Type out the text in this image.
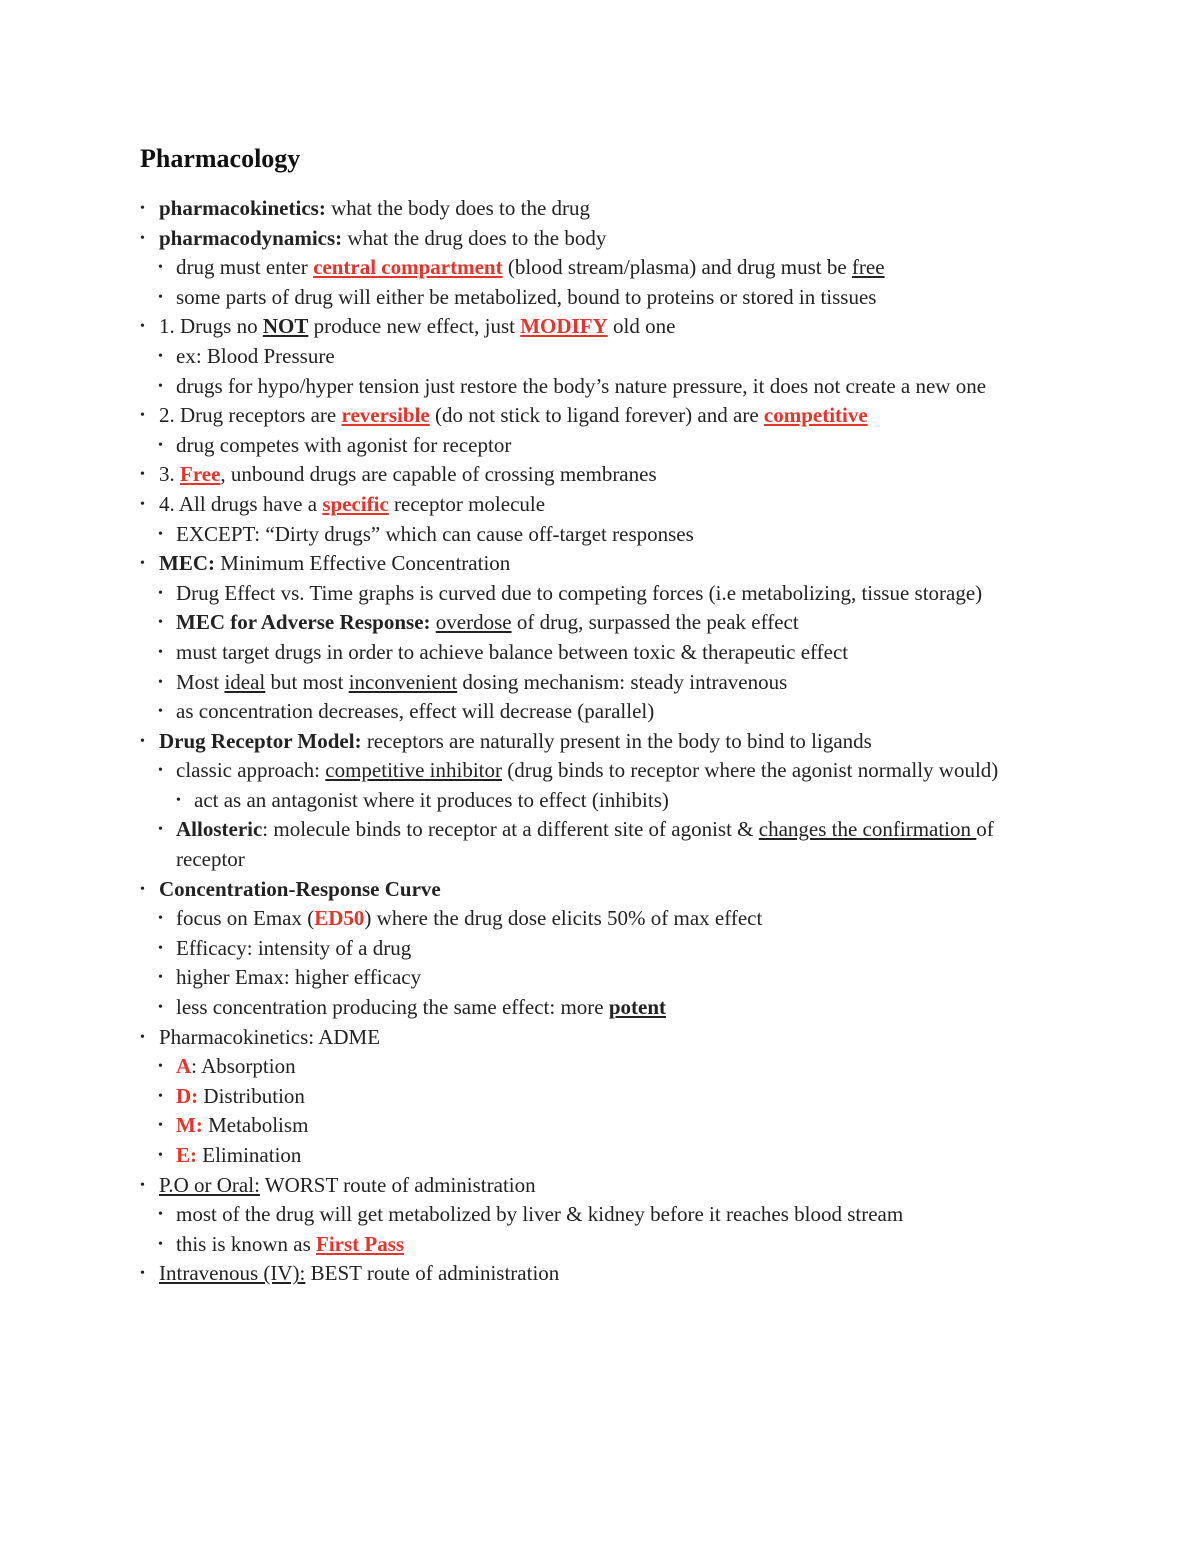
Pharmacology
• pharmacokinetics: what the body does to the drug
• pharmacodynamics: what the drug does to the body
• drug must enter central compartment (blood stream/plasma) and drug must be free
• some parts of drug will either be metabolized, bound to proteins or stored in tissues
• 1. Drugs no NOT produce new effect, just MODIFY old one
• ex: Blood Pressure
• drugs for hypo/hyper tension just restore the body’s nature pressure, it does not create a new one
• 2. Drug receptors are reversible (do not stick to ligand forever) and are competitive
• drug competes with agonist for receptor
• 3. Free, unbound drugs are capable of crossing membranes
• 4. All drugs have a specific receptor molecule
• EXCEPT: “Dirty drugs” which can cause off-target responses
• MEC: Minimum Effective Concentration
• Drug Effect vs. Time graphs is curved due to competing forces (i.e metabolizing, tissue storage)
• MEC for Adverse Response: overdose of drug, surpassed the peak effect
• must target drugs in order to achieve balance between toxic & therapeutic effect
• Most ideal but most inconvenient dosing mechanism: steady intravenous
• as concentration decreases, effect will decrease (parallel)
• Drug Receptor Model: receptors are naturally present in the body to bind to ligands
• classic approach: competitive inhibitor (drug binds to receptor where the agonist normally would)
• act as an antagonist where it produces to effect (inhibits)
• Allosteric: molecule binds to receptor at a different site of agonist & changes the confirmation of receptor
• Concentration-Response Curve
• focus on Emax (ED50) where the drug dose elicits 50% of max effect
• Efficacy: intensity of a drug
• higher Emax: higher efficacy
• less concentration producing the same effect: more potent
• Pharmacokinetics: ADME
• A: Absorption
• D: Distribution
• M: Metabolism
• E: Elimination
• P.O or Oral: WORST route of administration
• most of the drug will get metabolized by liver & kidney before it reaches blood stream
• this is known as First Pass
• Intravenous (IV): BEST route of administration
